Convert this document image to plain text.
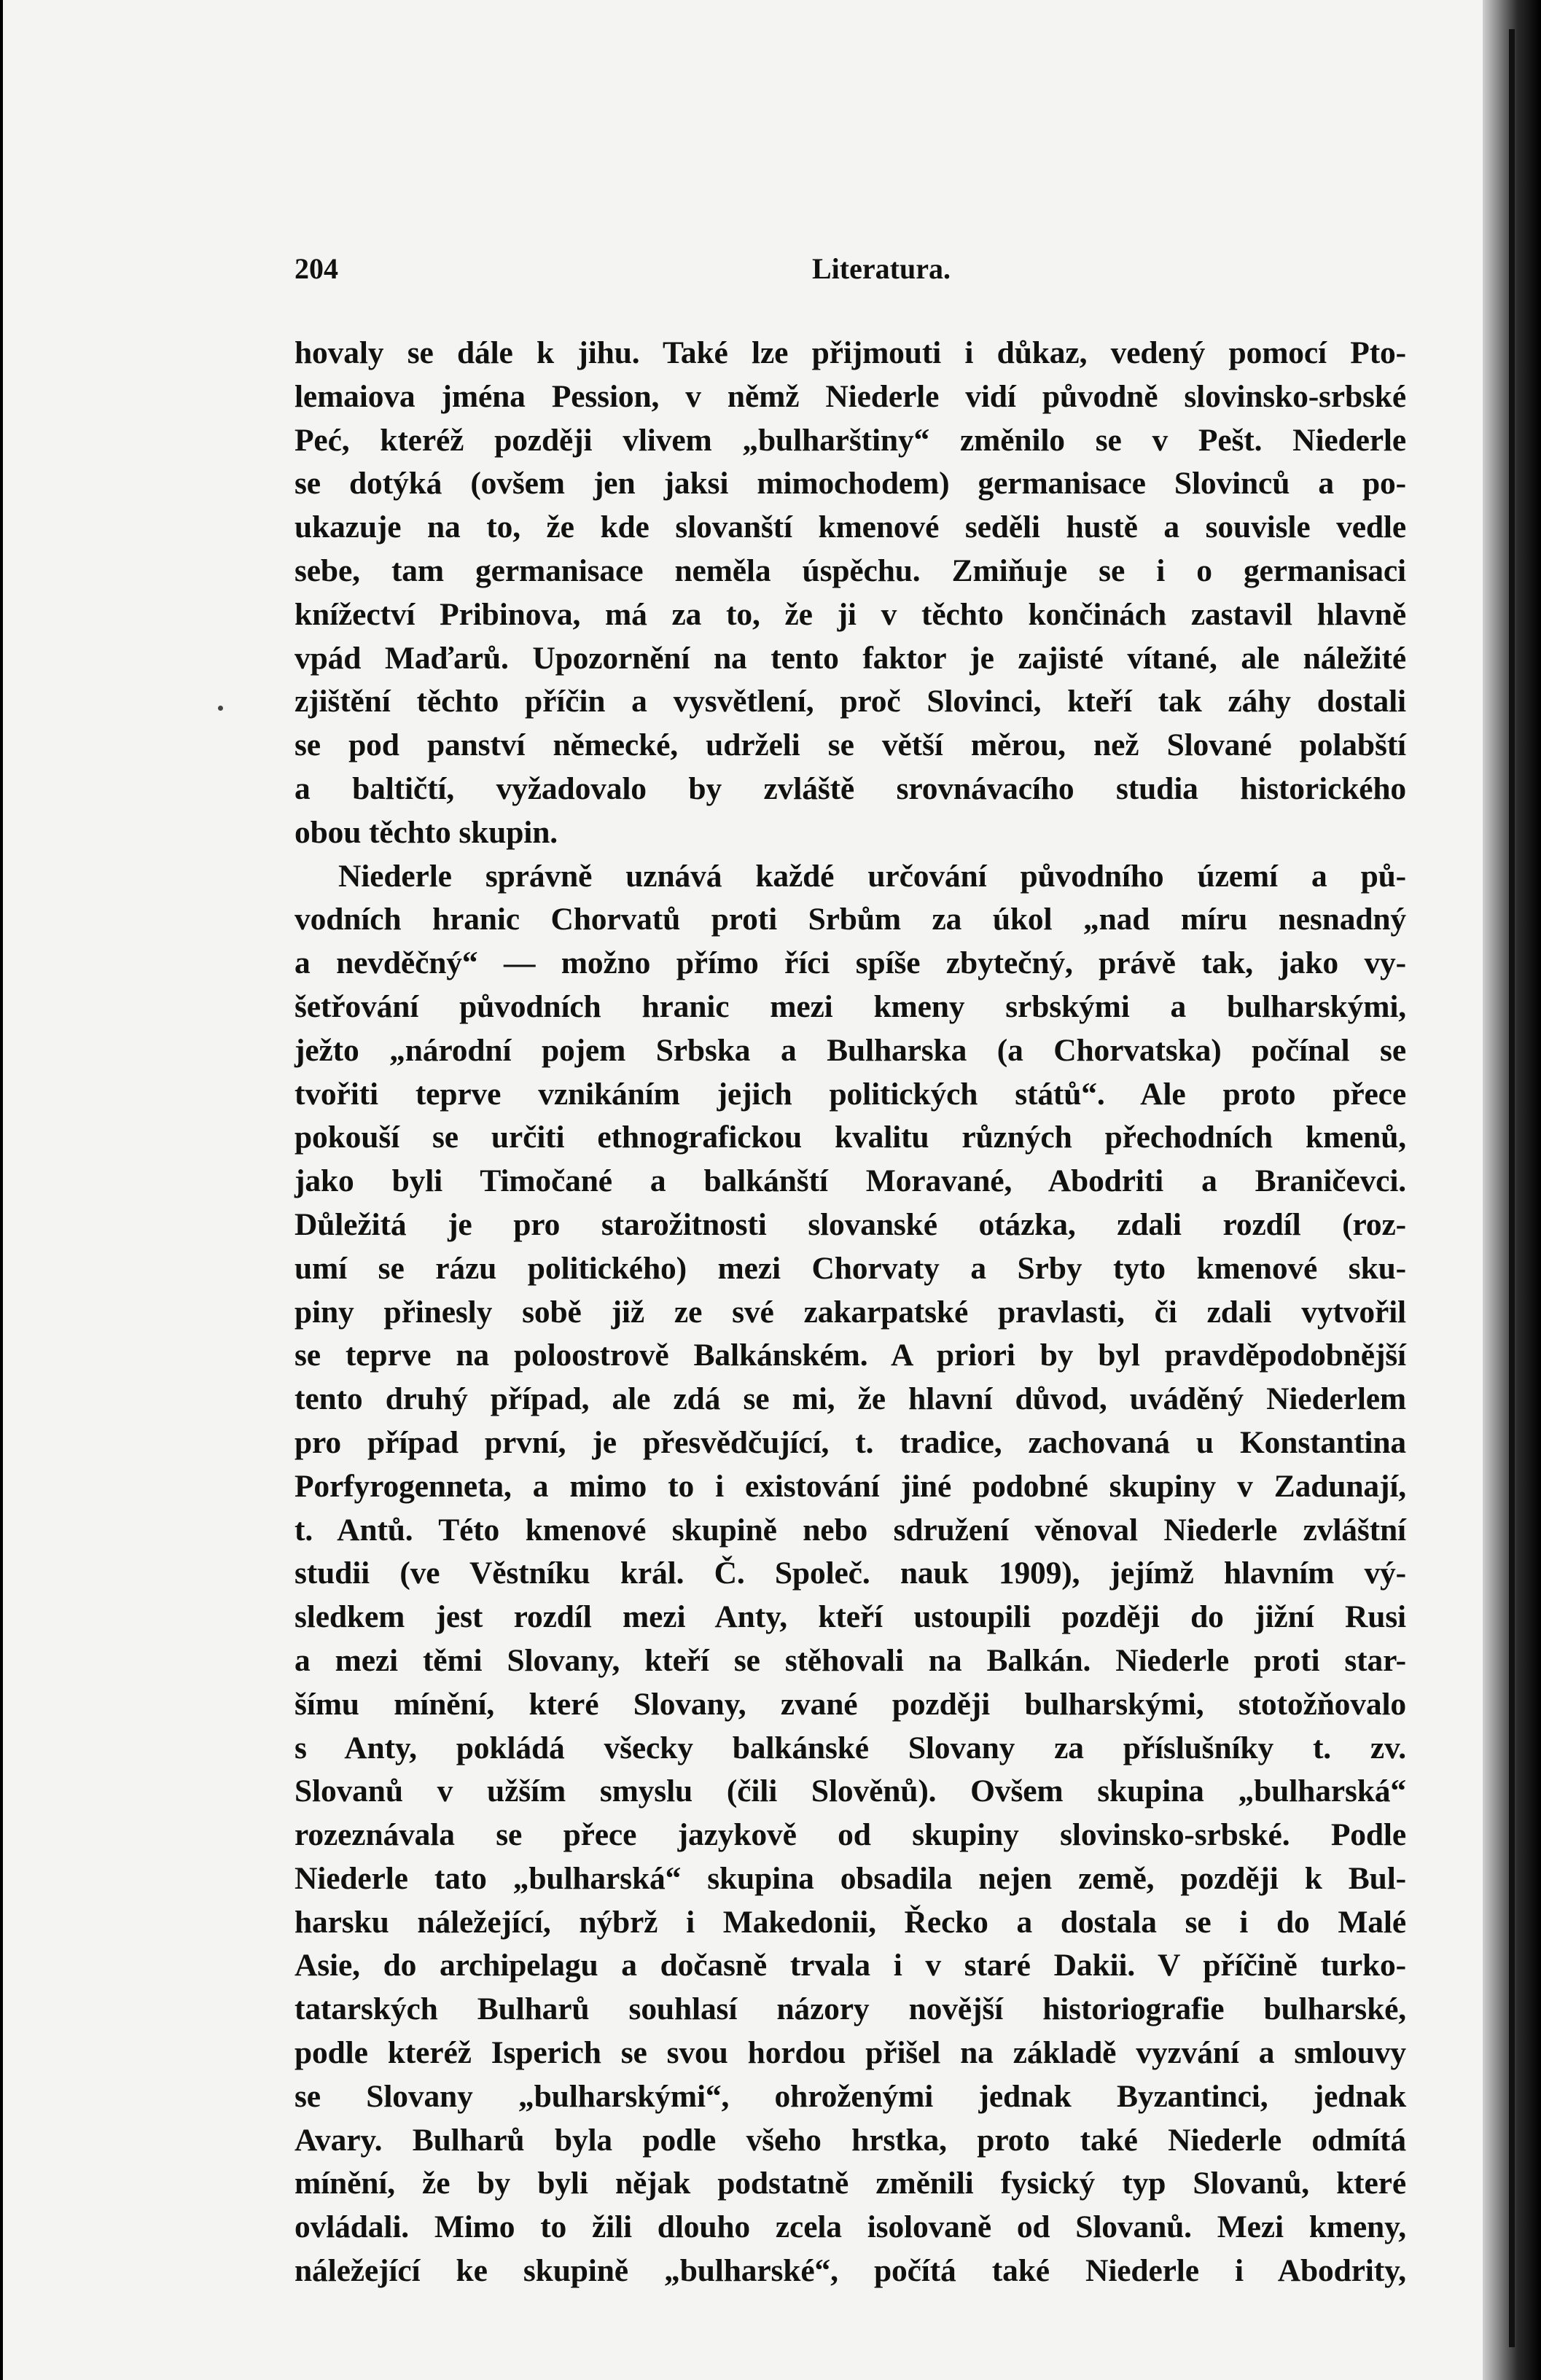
204	Literatura.
hovaly se dále k jihu. Také lze přijmouti i důkaz, vedený pomocí Pto-
lemaiova jména Pession, v němž Niederle vidí původně slovinsko-srbské
Peć, kteréž později vlivem „bulharštiny“ změnilo se v Pešt. Niederle
se dotýká (ovšem jen jaksi mimochodem) germanisace Slovinců a po-
ukazuje na to, že kde slovanští kmenové seděli hustě a souvisle vedle
sebe, tam germanisace neměla úspěchu. Zmiňuje se i o germanisaci
knížectví Pribinova, má za to, že ji v těchto končinách zastavil hlavně
vpád Maďarů. Upozornění na tento faktor je zajisté vítané, ale náležité
zjištění těchto příčin a vysvětlení, proč Slovinci, kteří tak záhy dostali
se pod panství německé, udrželi se větší měrou, než Slované polabští
a baltičtí, vyžadovalo by zvláště srovnávacího studia historického
obou těchto skupin.
Niederle správně uznává každé určování původního území a pů-
vodních hranic Chorvatů proti Srbům za úkol „nad míru nesnadný
a nevděčný“ — možno přímo říci spíše zbytečný, právě tak, jako vy-
šetřování původních hranic mezi kmeny srbskými a bulharskými,
ježto „národní pojem Srbska a Bulharska (a Chorvatska) počínal se
tvořiti teprve vznikáním jejich politických států“. Ale proto přece
pokouší se určiti ethnografickou kvalitu různých přechodních kmenů,
jako byli Timočané a balkánští Moravané, Abodriti a Braničevci.
Důležitá je pro starožitnosti slovanské otázka, zdali rozdíl (roz-
umí se rázu politického) mezi Chorvaty a Srby tyto kmenové sku-
piny přinesly sobě již ze své zakarpatské pravlasti, či zdali vytvořil
se teprve na poloostrově Balkánském. A priori by byl pravděpodobnější
tento druhý případ, ale zdá se mi, že hlavní důvod, uváděný Niederlem
pro případ první, je přesvědčující, t. tradice, zachovaná u Konstantina
Porfyrogenneta, a mimo to i existování jiné podobné skupiny v Zadunají,
t. Antů. Této kmenové skupině nebo sdružení věnoval Niederle zvláštní
studii (ve Věstníku král. Č. Společ. nauk 1909), jejímž hlavním vý-
sledkem jest rozdíl mezi Anty, kteří ustoupili později do jižní Rusi
a mezi těmi Slovany, kteří se stěhovali na Balkán. Niederle proti star-
šímu mínění, které Slovany, zvané později bulharskými, stotožňovalo
s Anty, pokládá všecky balkánské Slovany za příslušníky t. zv.
Slovanů v užším smyslu (čili Slověnů). Ovšem skupina „bulharská“
rozeznávala se přece jazykově od skupiny slovinsko-srbské. Podle
Niederle tato „bulharská“ skupina obsadila nejen země, později k Bul-
harsku náležející, nýbrž i Makedonii, Řecko a dostala se i do Malé
Asie, do archipelagu a dočasně trvala i v staré Dakii. V příčině turko-
tatarských Bulharů souhlasí názory novější historiografie bulharské,
podle kteréž Isperich se svou hordou přišel na základě vyzvání a smlouvy
se Slovany „bulharskými“, ohroženými jednak Byzantinci, jednak
Avary. Bulharů byla podle všeho hrstka, proto také Niederle odmítá
mínění, že by byli nějak podstatně změnili fysický typ Slovanů, které
ovládali. Mimo to žili dlouho zcela isolovaně od Slovanů. Mezi kmeny,
náležející ke skupině „bulharské“, počítá také Niederle i Abodrity,
